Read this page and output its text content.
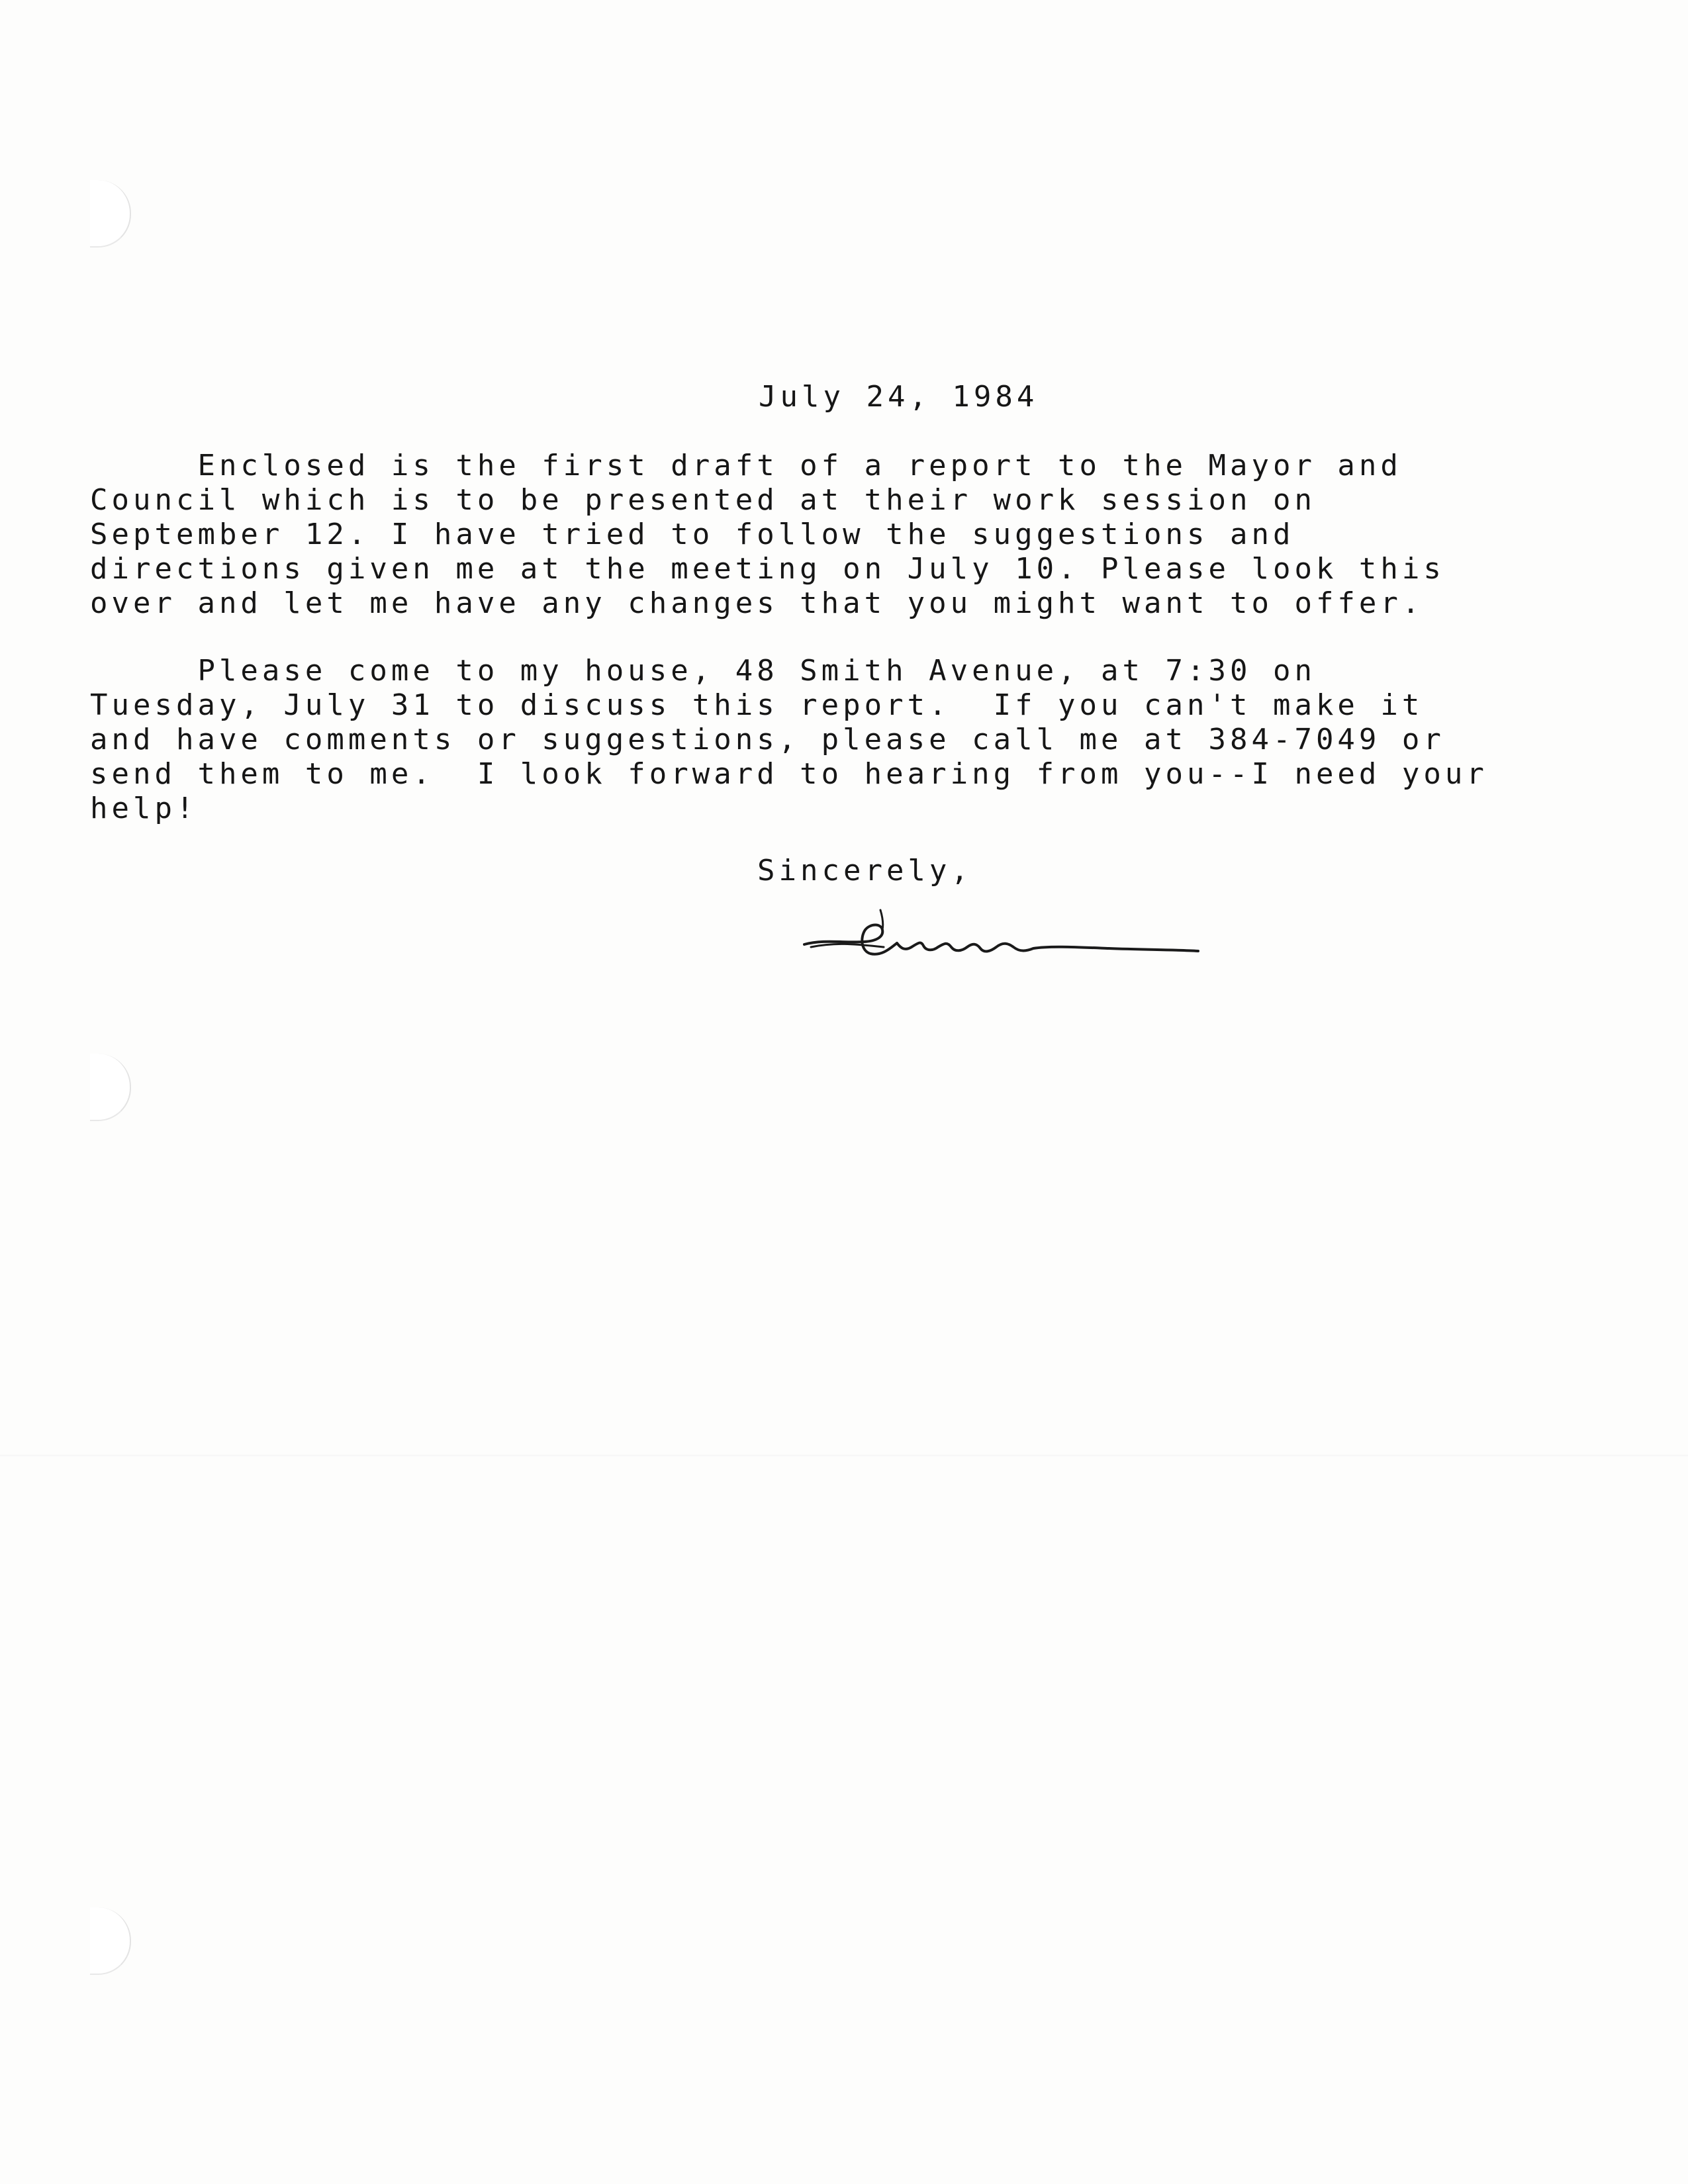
July 24, 1984

Enclosed is the first draft of a report to the Mayor and
Council which is to be presented at their work session on
September 12. I have tried to follow the suggestions and
directions given me at the meeting on July 10. Please look this
over and let me have any changes that you might want to offer.

Please come to my house, 48 Smith Avenue, at 7:30 on
Tuesday, July 31 to discuss this report.  If you can't make it
and have comments or suggestions, please call me at 384-7049 or
send them to me.  I look forward to hearing from you--I need your
help!

Sincerely,
